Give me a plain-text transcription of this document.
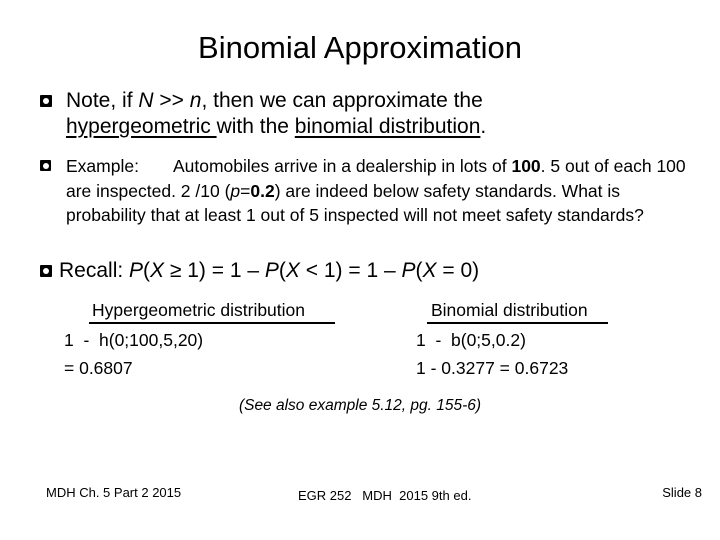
Binomial Approximation
Note, if N >> n, then we can approximate the
hypergeometric with the binomial distribution.
Example: Automobiles arrive in a dealership in lots of 100. 5 out of each 100 are inspected. 2 /10 (p=0.2) are indeed below safety standards. What is probability that at least 1 out of 5 inspected will not meet safety standards?
Recall: P(X ≥ 1) = 1 – P(X < 1) = 1 – P(X = 0)
Hypergeometric distribution
1  -  h(0;100,5,20)
= 0.6807
Binomial distribution
1  -  b(0;5,0.2)
1 - 0.3277 = 0.6723
(See also example 5.12, pg. 155-6)
MDH Ch. 5 Part 2 2015	EGR 252   MDH  2015 9th ed.	Slide 8
